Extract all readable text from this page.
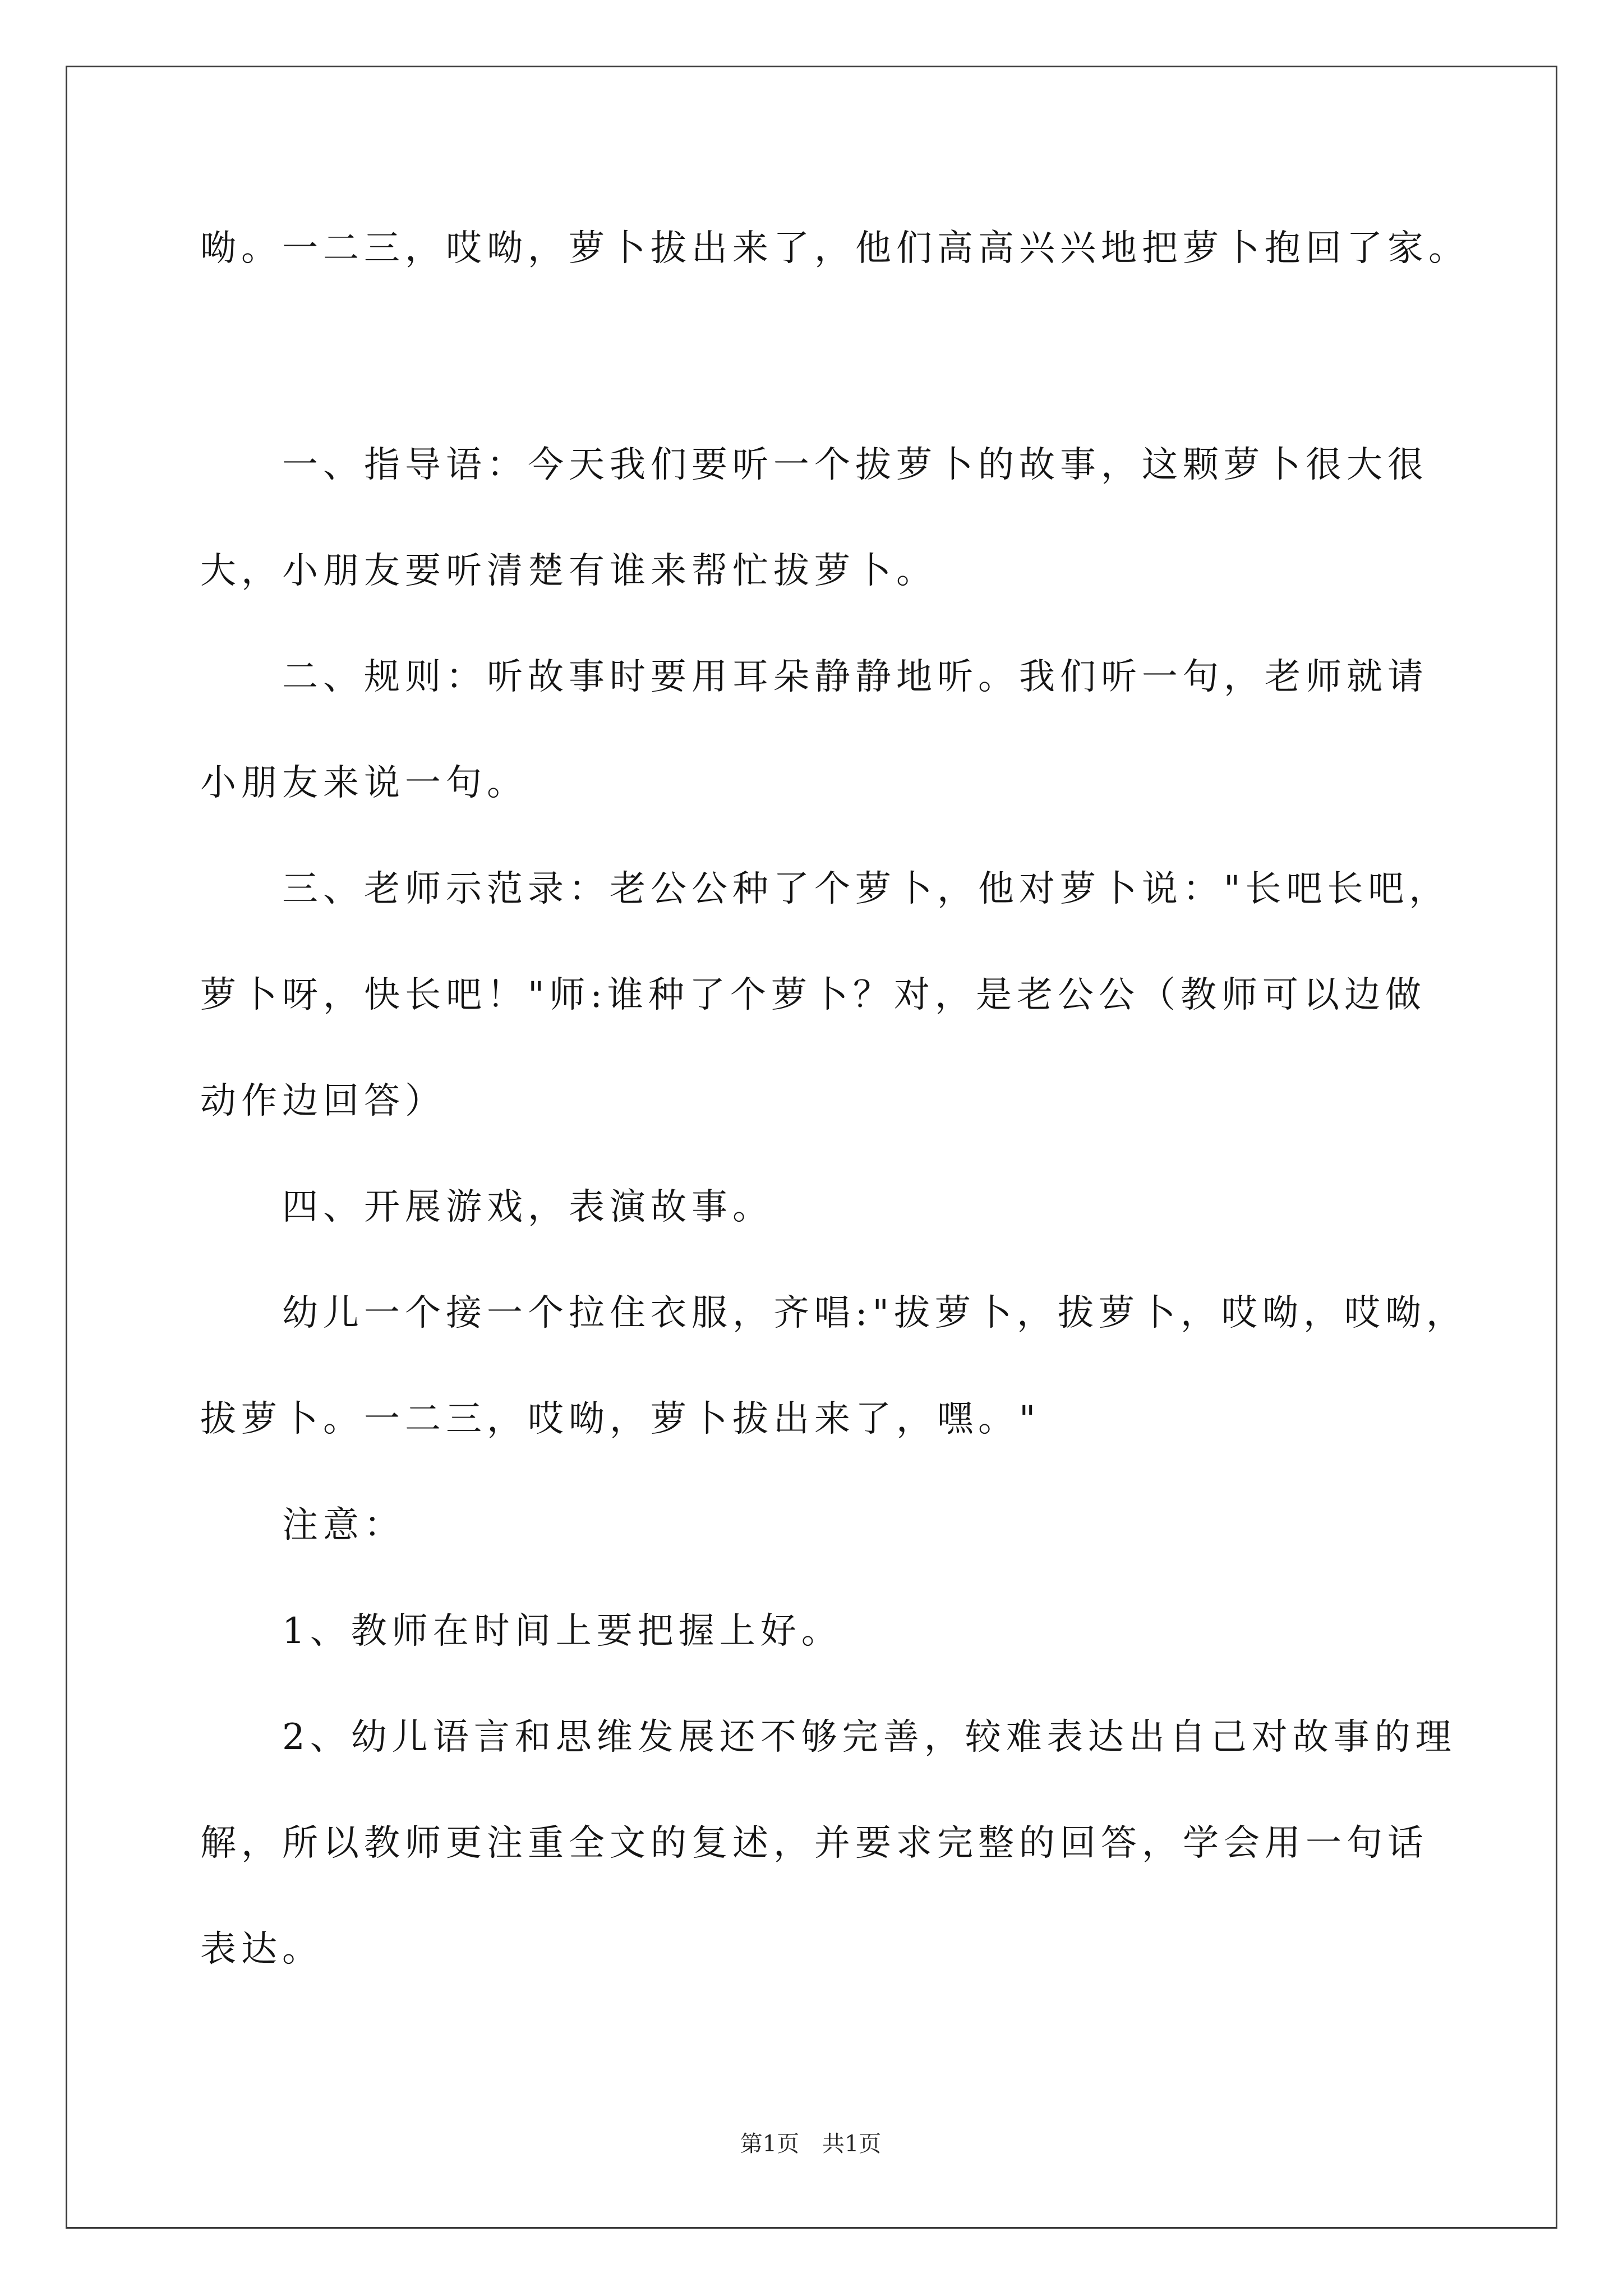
呦。一二三，哎呦，萝卜拔出来了，他们高高兴兴地把萝卜抱回了家。
一、指导语：今天我们要听一个拔萝卜的故事，这颗萝卜很大很
大，小朋友要听清楚有谁来帮忙拔萝卜。
二、规则：听故事时要用耳朵静静地听。我们听一句，老师就请
小朋友来说一句。
三、老师示范录：老公公种了个萝卜，他对萝卜说："长吧长吧，
萝卜呀，快长吧！"师:谁种了个萝卜？对，是老公公（教师可以边做
动作边回答）
四、开展游戏，表演故事。
幼儿一个接一个拉住衣服，齐唱:"拔萝卜，拔萝卜，哎呦，哎呦，
拔萝卜。一二三，哎呦，萝卜拔出来了，嘿。"
注意：
1、教师在时间上要把握上好。
2、幼儿语言和思维发展还不够完善，较难表达出自己对故事的理
解，所以教师更注重全文的复述，并要求完整的回答，学会用一句话
表达。
第1页 共1页
